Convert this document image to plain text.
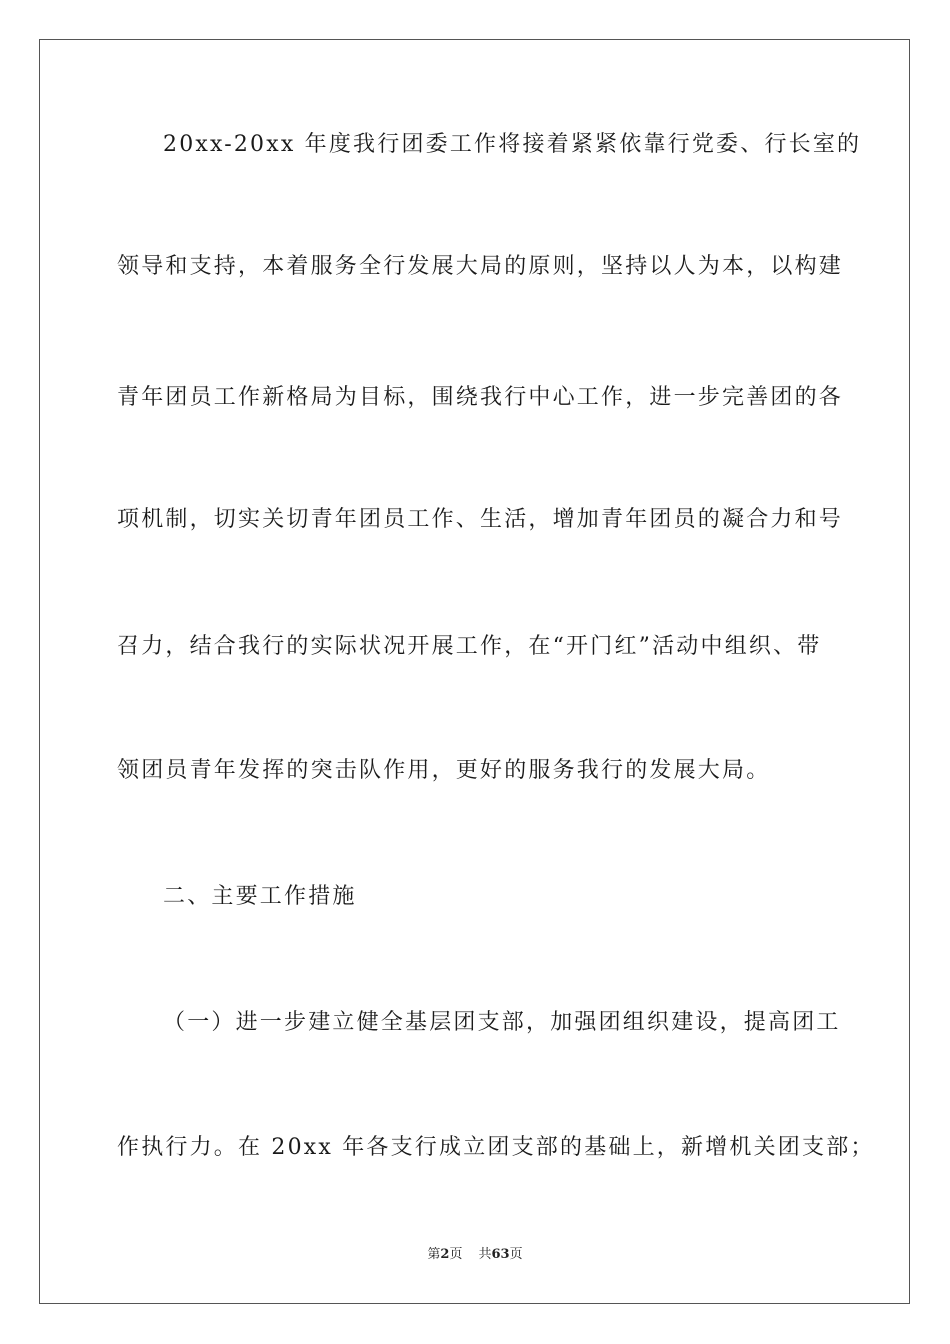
20xx-20xx 年度我行团委工作将接着紧紧依靠行党委、行长室的
领导和支持，本着服务全行发展大局的原则，坚持以人为本，以构建
青年团员工作新格局为目标，围绕我行中心工作，进一步完善团的各
项机制，切实关切青年团员工作、生活，增加青年团员的凝合力和号
召力，结合我行的实际状况开展工作，在“开门红”活动中组织、带
领团员青年发挥的突击队作用，更好的服务我行的发展大局。
二、主要工作措施
（一）进一步建立健全基层团支部，加强团组织建设，提高团工
作执行力。在 20xx 年各支行成立团支部的基础上，新增机关团支部；
第2页 共63页
